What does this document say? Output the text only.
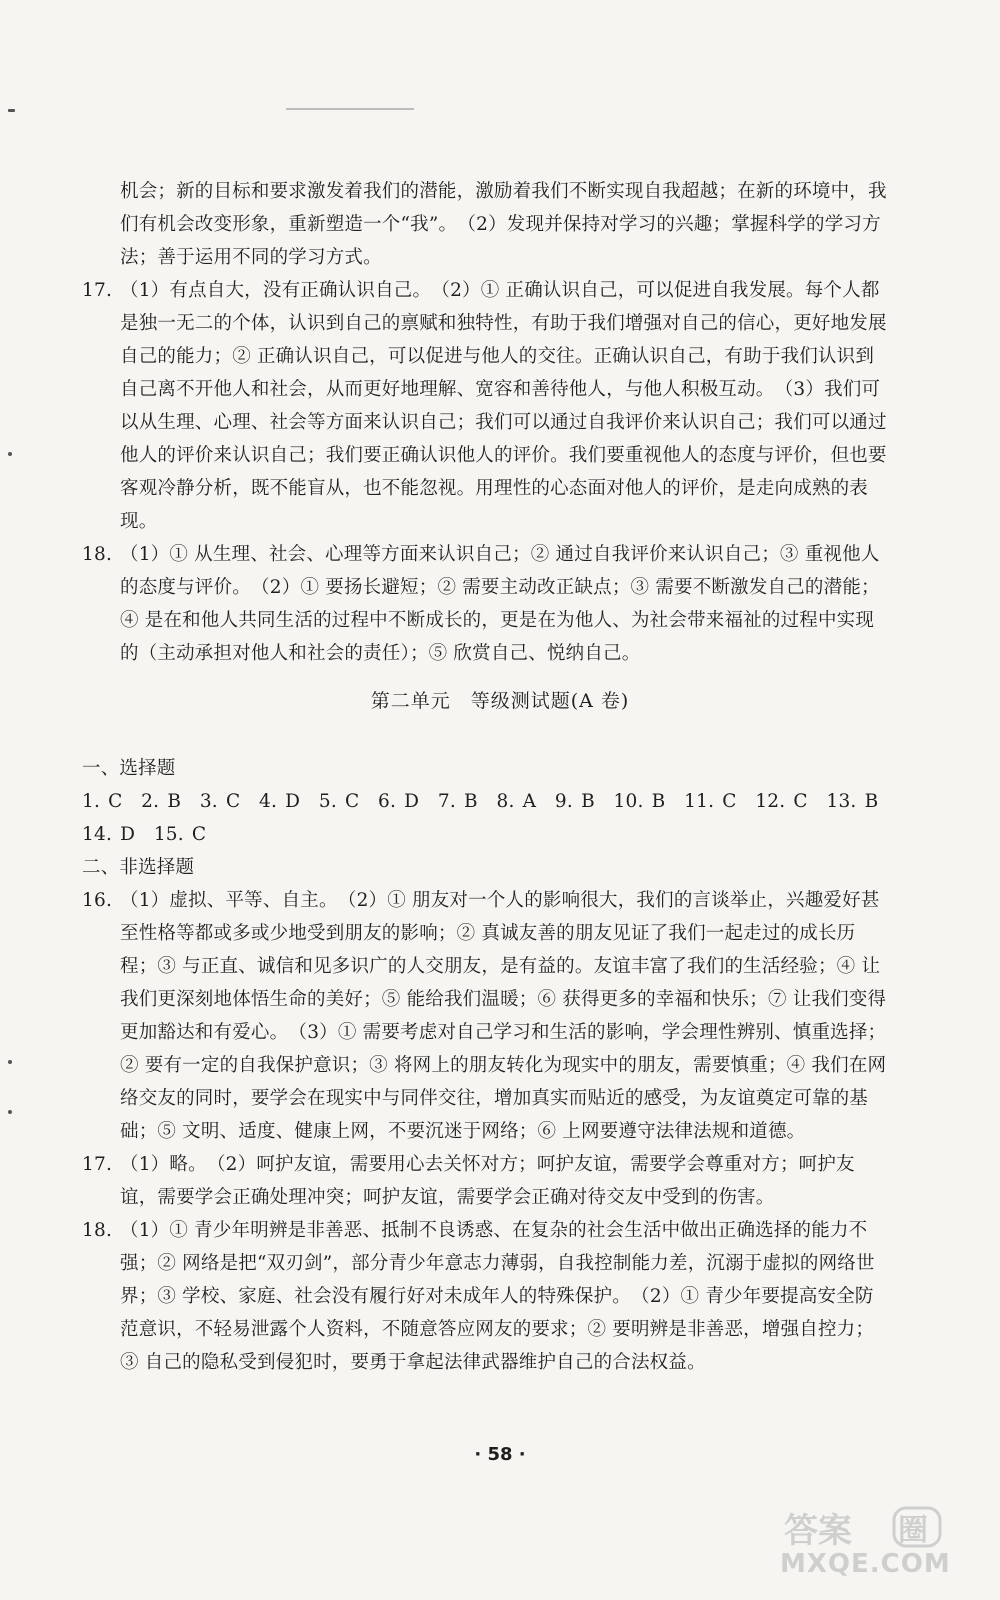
机会；新的目标和要求激发着我们的潜能，激励着我们不断实现自我超越；在新的环境中，我们有机会改变形象，重新塑造一个“我”。　（2）发现并保持对学习的兴趣；掌握科学的学习方法；善于运用不同的学习方式。

17. （1）有点自大，没有正确认识自己。　（2）① 正确认识自己，可以促进自我发展。每个人都是独一无二的个体，认识到自己的禀赋和独特性，有助于我们增强对自己的信心，更好地发展自己的能力；② 正确认识自己，可以促进与他人的交往。正确认识自己，有助于我们认识到自己离不开他人和社会，从而更好地理解、宽容和善待他人，与他人积极互动。　（3）我们可以从生理、心理、社会等方面来认识自己；我们可以通过自我评价来认识自己；我们可以通过他人的评价来认识自己；我们要正确认识他人的评价。我们要重视他人的态度与评价，但也要客观冷静分析，既不能盲从，也不能忽视。用理性的心态面对他人的评价，是走向成熟的表现。
18. （1）① 从生理、社会、心理等方面来认识自己；② 通过自我评价来认识自己；③ 重视他人的态度与评价。　（2）① 要扬长避短；② 需要主动改正缺点；③ 需要不断激发自己的潜能；④ 是在和他人共同生活的过程中不断成长的，更是在为他人、为社会带来福祉的过程中实现的（主动承担对他人和社会的责任）；⑤ 欣赏自己、悦纳自己。
第二单元　等级测试题(A 卷)

一、选择题

1. C　2. B　3. C　4. D　5. C　6. D　7. B　8. A　9. B　10. B　11. C　12. C　13. B

14. D　15. C

二、非选择题

16. （1）虚拟、平等、自主。　（2）① 朋友对一个人的影响很大，我们的言谈举止，兴趣爱好甚至性格等都或多或少地受到朋友的影响；② 真诚友善的朋友见证了我们一起走过的成长历程；③ 与正直、诚信和见多识广的人交朋友，是有益的。友谊丰富了我们的生活经验；④ 让我们更深刻地体悟生命的美好；⑤ 能给我们温暖；⑥ 获得更多的幸福和快乐；⑦ 让我们变得更加豁达和有爱心。　（3）① 需要考虑对自己学习和生活的影响，学会理性辨别、慎重选择；② 要有一定的自我保护意识；③ 将网上的朋友转化为现实中的朋友，需要慎重；④ 我们在网络交友的同时，要学会在现实中与同伴交往，增加真实而贴近的感受，为友谊奠定可靠的基础；⑤ 文明、适度、健康上网，不要沉迷于网络；⑥ 上网要遵守法律法规和道德。
17. （1）略。　（2）呵护友谊，需要用心去关怀对方；呵护友谊，需要学会尊重对方；呵护友谊，需要学会正确处理冲突；呵护友谊，需要学会正确对待交友中受到的伤害。
18. （1）① 青少年明辨是非善恶、抵制不良诱惑、在复杂的社会生活中做出正确选择的能力不强；② 网络是把“双刃剑”，部分青少年意志力薄弱，自我控制能力差，沉溺于虚拟的网络世界；③ 学校、家庭、社会没有履行好对未成年人的特殊保护。　（2）① 青少年要提高安全防范意识，不轻易泄露个人资料，不随意答应网友的要求；② 要明辨是非善恶，增强自控力；③ 自己的隐私受到侵犯时，要勇于拿起法律武器维护自己的合法权益。
· 58 ·
答案 圈
MXQE.COM
